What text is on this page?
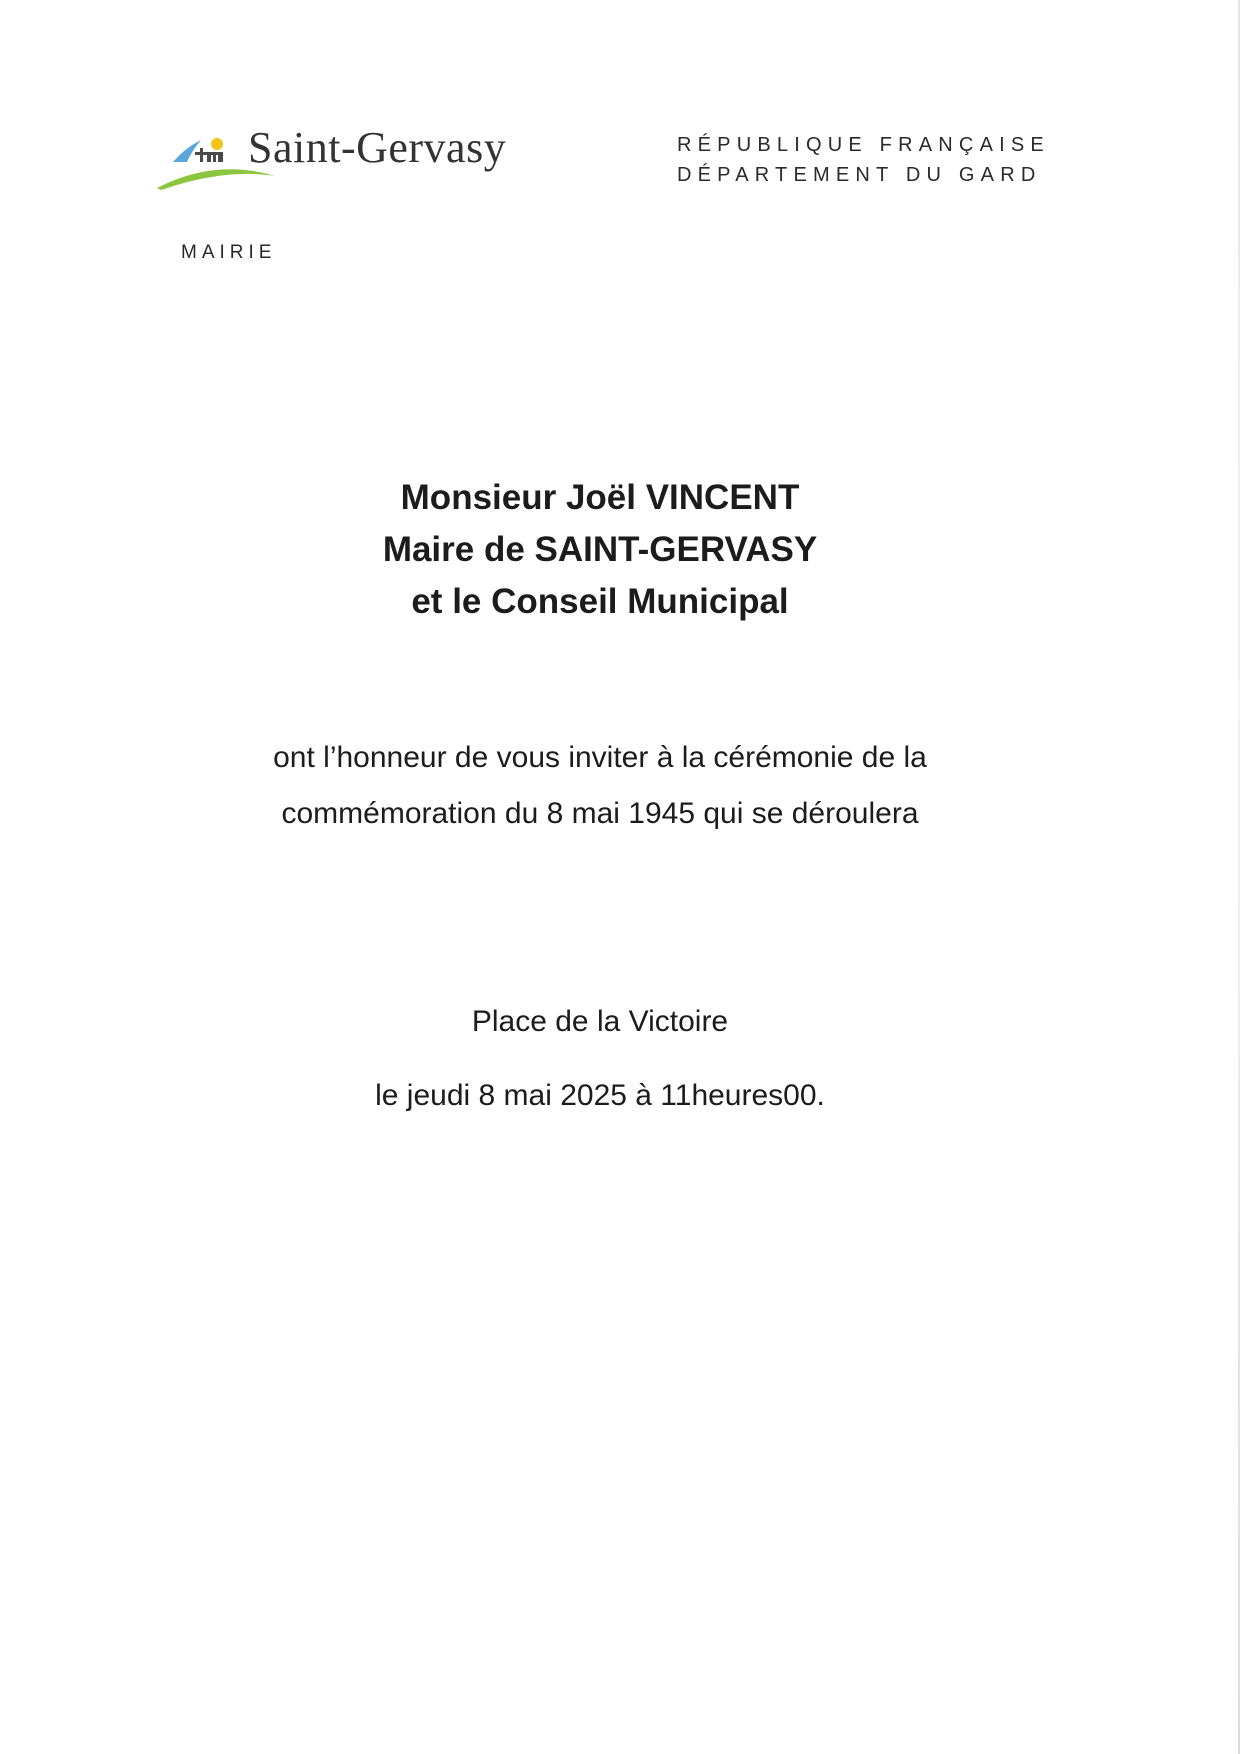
Saint-Gervasy
MAIRIE
RÉPUBLIQUE FRANÇAISE
DÉPARTEMENT DU GARD
Monsieur Joël VINCENT
Maire de SAINT-GERVASY
et le Conseil Municipal
ont l’honneur de vous inviter à la cérémonie de la
commémoration du 8 mai 1945 qui se déroulera
Place de la Victoire
le jeudi 8 mai 2025 à 11heures00.
